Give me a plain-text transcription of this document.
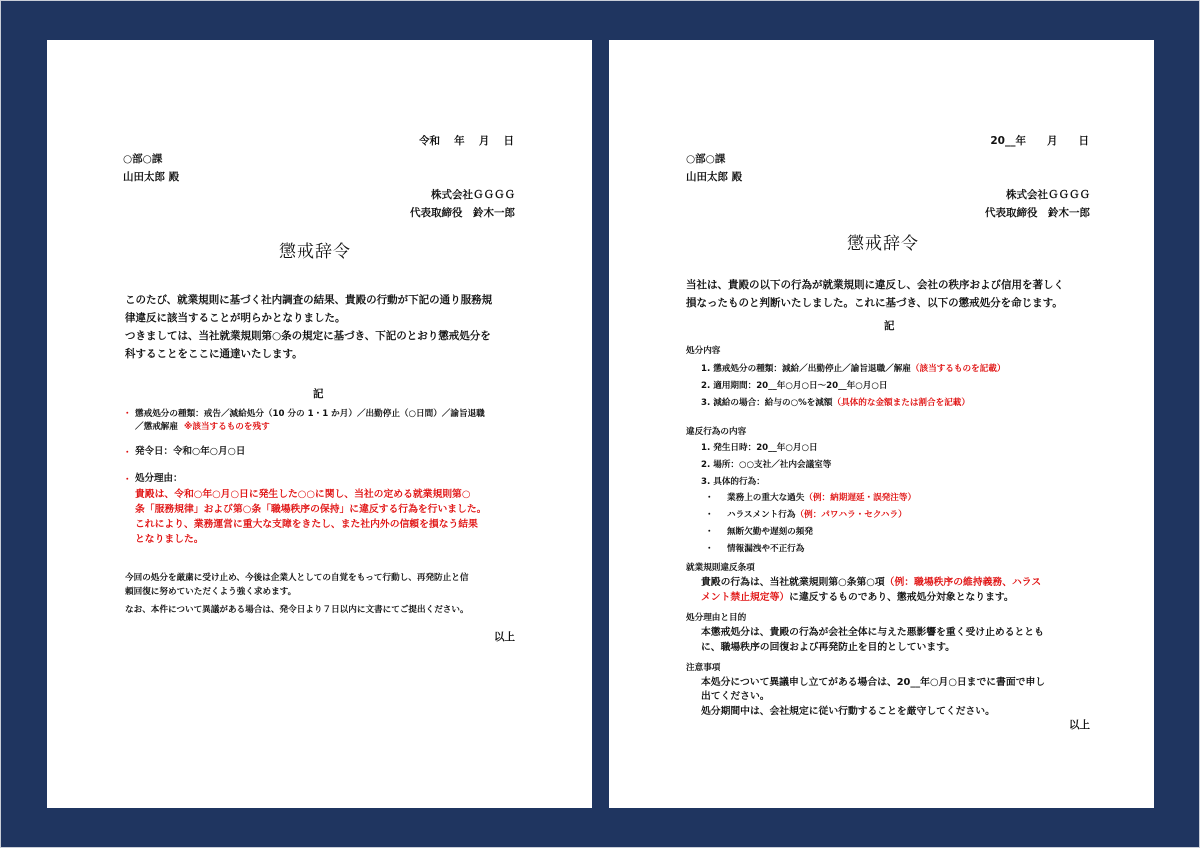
令和　 年　 月　 日
○部○課
山田太郎 殿
株式会社ＧＧＧＧ
代表取締役　鈴木一郎
懲戒辞令
このたび、就業規則に基づく社内調査の結果、貴殿の行動が下記の通り服務規
律違反に該当することが明らかとなりました。
つきましては、当社就業規則第○条の規定に基づき、下記のとおり懲戒処分を
科することをここに通達いたします。
記
・ 懲戒処分の種類：戒告／減給処分（10 分の 1・1 か月）／出勤停止（○日間）／諭旨退職
／懲戒解雇 ※該当するものを残す
・ 発令日：令和○年○月○日
・ 処分理由：
貴殿は、令和○年○月○日に発生した○○に関し、当社の定める就業規則第○
条「服務規律」および第○条「職場秩序の保持」に違反する行為を行いました。
これにより、業務運営に重大な支障をきたし、また社内外の信頼を損なう結果
となりました。
今回の処分を厳粛に受け止め、今後は企業人としての自覚をもって行動し、再発防止と信
頼回復に努めていただくよう強く求めます。
なお、本件について異議がある場合は、発令日より７日以内に文書にてご提出ください。
以上
20__年　　月　　日
○部○課
山田太郎 殿
株式会社ＧＧＧＧ
代表取締役　鈴木一郎
懲戒辞令
当社は、貴殿の以下の行為が就業規則に違反し、会社の秩序および信用を著しく
損なったものと判断いたしました。これに基づき、以下の懲戒処分を命じます。
記
処分内容
1. 懲戒処分の種類：減給／出勤停止／諭旨退職／解雇（該当するものを記載）
2. 適用期間：20__年○月○日～20__年○月○日
3. 減給の場合：給与の○%を減額（具体的な金額または割合を記載）
違反行為の内容
1. 発生日時：20__年○月○日
2. 場所：○○支社／社内会議室等
3. 具体的行為：
・ 業務上の重大な過失（例：納期遅延・誤発注等）
・ ハラスメント行為（例：パワハラ・セクハラ）
・ 無断欠勤や遅刻の頻発
・ 情報漏洩や不正行為
就業規則違反条項
貴殿の行為は、当社就業規則第○条第○項（例：職場秩序の維持義務、ハラス
メント禁止規定等）に違反するものであり、懲戒処分対象となります。
処分理由と目的
本懲戒処分は、貴殿の行為が会社全体に与えた悪影響を重く受け止めるととも
に、職場秩序の回復および再発防止を目的としています。
注意事項
本処分について異議申し立てがある場合は、20__年○月○日までに書面で申し
出てください。
処分期間中は、会社規定に従い行動することを厳守してください。
以上
